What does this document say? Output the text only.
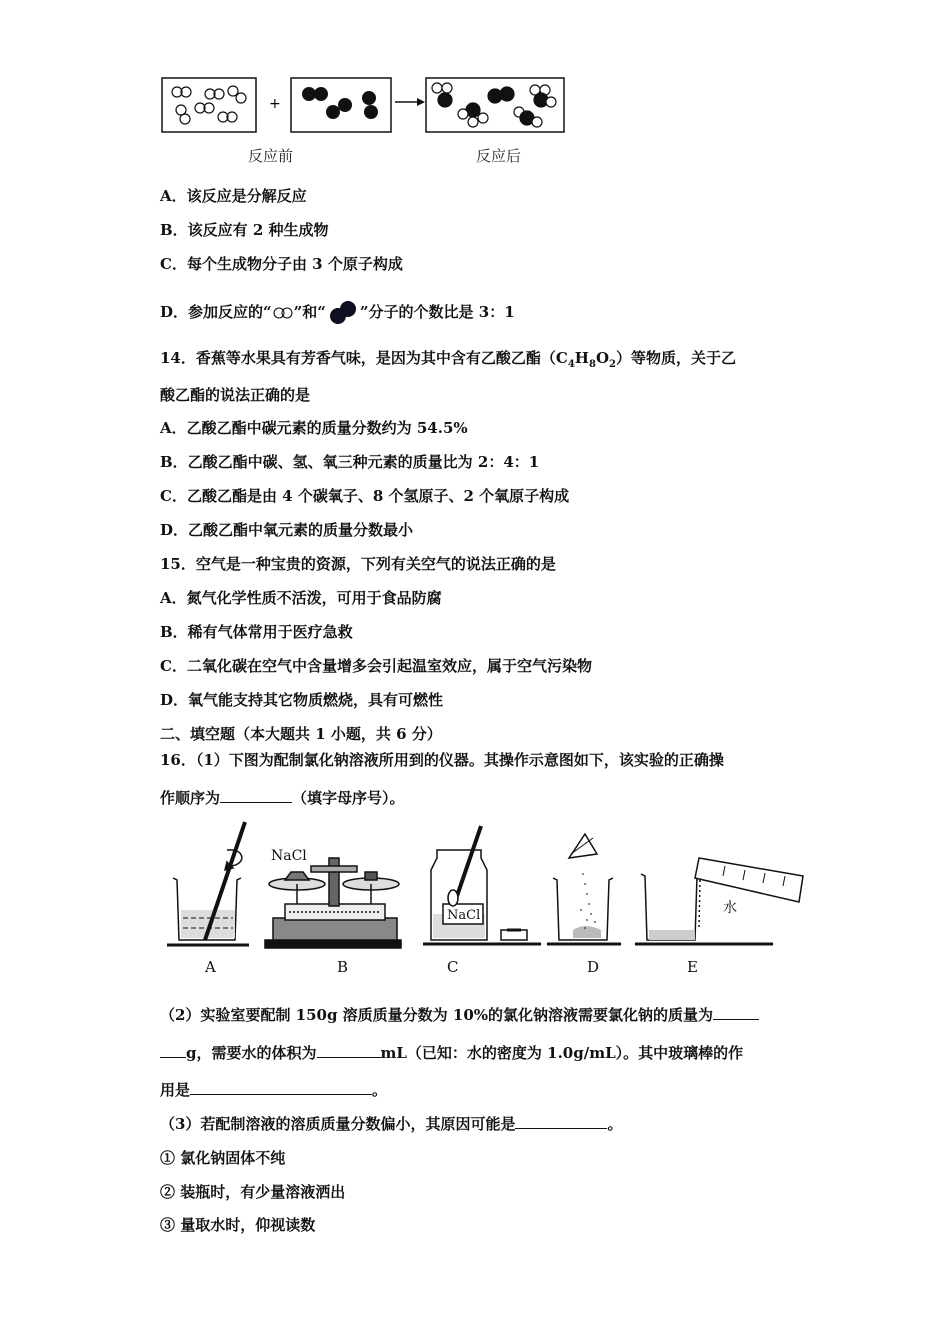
+
反应前	反应后
A．该反应是分解反应
B．该反应有 2 种生成物
C．每个生成物分子由 3 个原子构成
D．参加反应的“ ”和“ ”分子的个数比是 3：1
14．香蕉等水果具有芳香气味，是因为其中含有乙酸乙酯$(C_4H_8O_2)$等物质，关于乙
酸乙酯的说法正确的是
A．乙酸乙酯中碳元素的质量分数约为 54.5%
B．乙酸乙酯中碳、氢、氧三种元素的质量比为 2：4：1
C．乙酸乙酯是由 4 个碳氧子、8 个氢原子、2 个氧原子构成
D．乙酸乙酯中氧元素的质量分数最小
15．空气是一种宝贵的资源，下列有关空气的说法正确的是
A．氮气化学性质不活泼，可用于食品防腐
B．稀有气体常用于医疗急救
C．二氧化碳在空气中含量增多会引起温室效应，属于空气污染物
D．氧气能支持其它物质燃烧，具有可燃性
二、填空题（本大题共 1 小题，共 6 分）
16．（1）下图为配制氯化钠溶液所用到的仪器。其操作示意图如下，该实验的正确操
作顺序为	（填字母序号）。
NaCl
NaCl	水
A	B	C	D	E
（2）实验室要配制 150g 溶质质量分数为 10%的氯化钠溶液需要氯化钠的质量为
g，需要水的体积为	mL（已知：水的密度为 1.0g/mL）。其中玻璃棒的作
用是	。
（3）若配制溶液的溶质质量分数偏小，其原因可能是	。
① 氯化钠固体不纯
② 装瓶时，有少量溶液洒出
③ 量取水时，仰视读数
